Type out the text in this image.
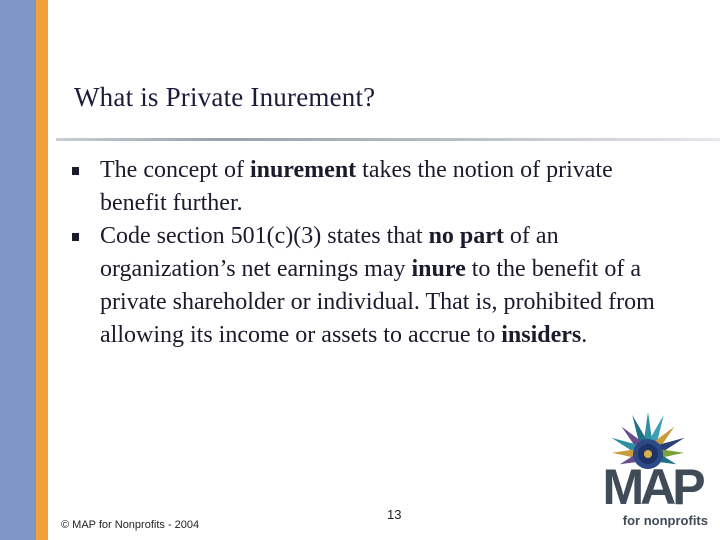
What is Private Inurement?
The concept of inurement takes the notion of private benefit further.
Code section 501(c)(3) states that no part of an organization’s net earnings may inure to the benefit of a private shareholder or individual. That is, prohibited from allowing its income or assets to accrue to insiders.
© MAP for Nonprofits - 2004
13	MAP
for nonprofits
